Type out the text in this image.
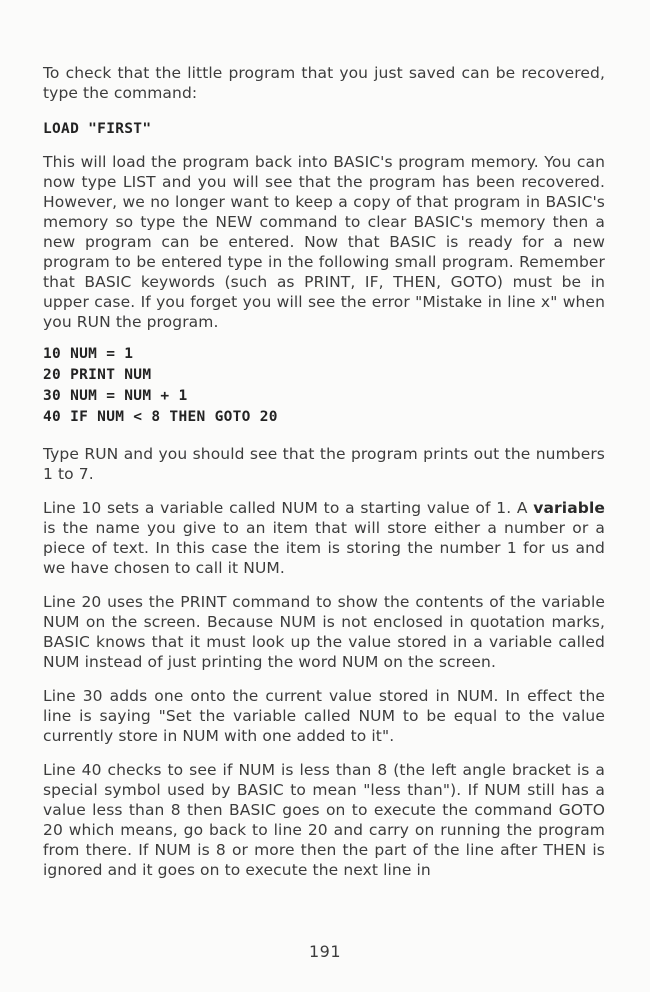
To check that the little program that you just saved can be recovered, type the command:

LOAD "FIRST"

This will load the program back into BASIC's program memory. You can now type LIST and you will see that the program has been recovered. However, we no longer want to keep a copy of that program in BASIC's memory so type the NEW command to clear BASIC's memory then a new program can be entered. Now that BASIC is ready for a new program to be entered type in the following small program. Remember that BASIC keywords (such as PRINT, IF, THEN, GOTO) must be in upper case. If you forget you will see the error "Mistake in line x" when you RUN the program.

10 NUM = 1
20 PRINT NUM
30 NUM = NUM + 1
40 IF NUM < 8 THEN GOTO 20

Type RUN and you should see that the program prints out the numbers 1 to 7.

Line 10 sets a variable called NUM to a starting value of 1. A variable is the name you give to an item that will store either a number or a piece of text. In this case the item is storing the number 1 for us and we have chosen to call it NUM.

Line 20 uses the PRINT command to show the contents of the variable NUM on the screen. Because NUM is not enclosed in quotation marks, BASIC knows that it must look up the value stored in a variable called NUM instead of just printing the word NUM on the screen.

Line 30 adds one onto the current value stored in NUM. In effect the line is saying "Set the variable called NUM to be equal to the value currently store in NUM with one added to it".

Line 40 checks to see if NUM is less than 8 (the left angle bracket is a special symbol used by BASIC to mean "less than"). If NUM still has a value less than 8 then BASIC goes on to execute the command GOTO 20 which means, go back to line 20 and carry on running the program from there. If NUM is 8 or more then the part of the line after THEN is ignored and it goes on to execute the next line in

191
